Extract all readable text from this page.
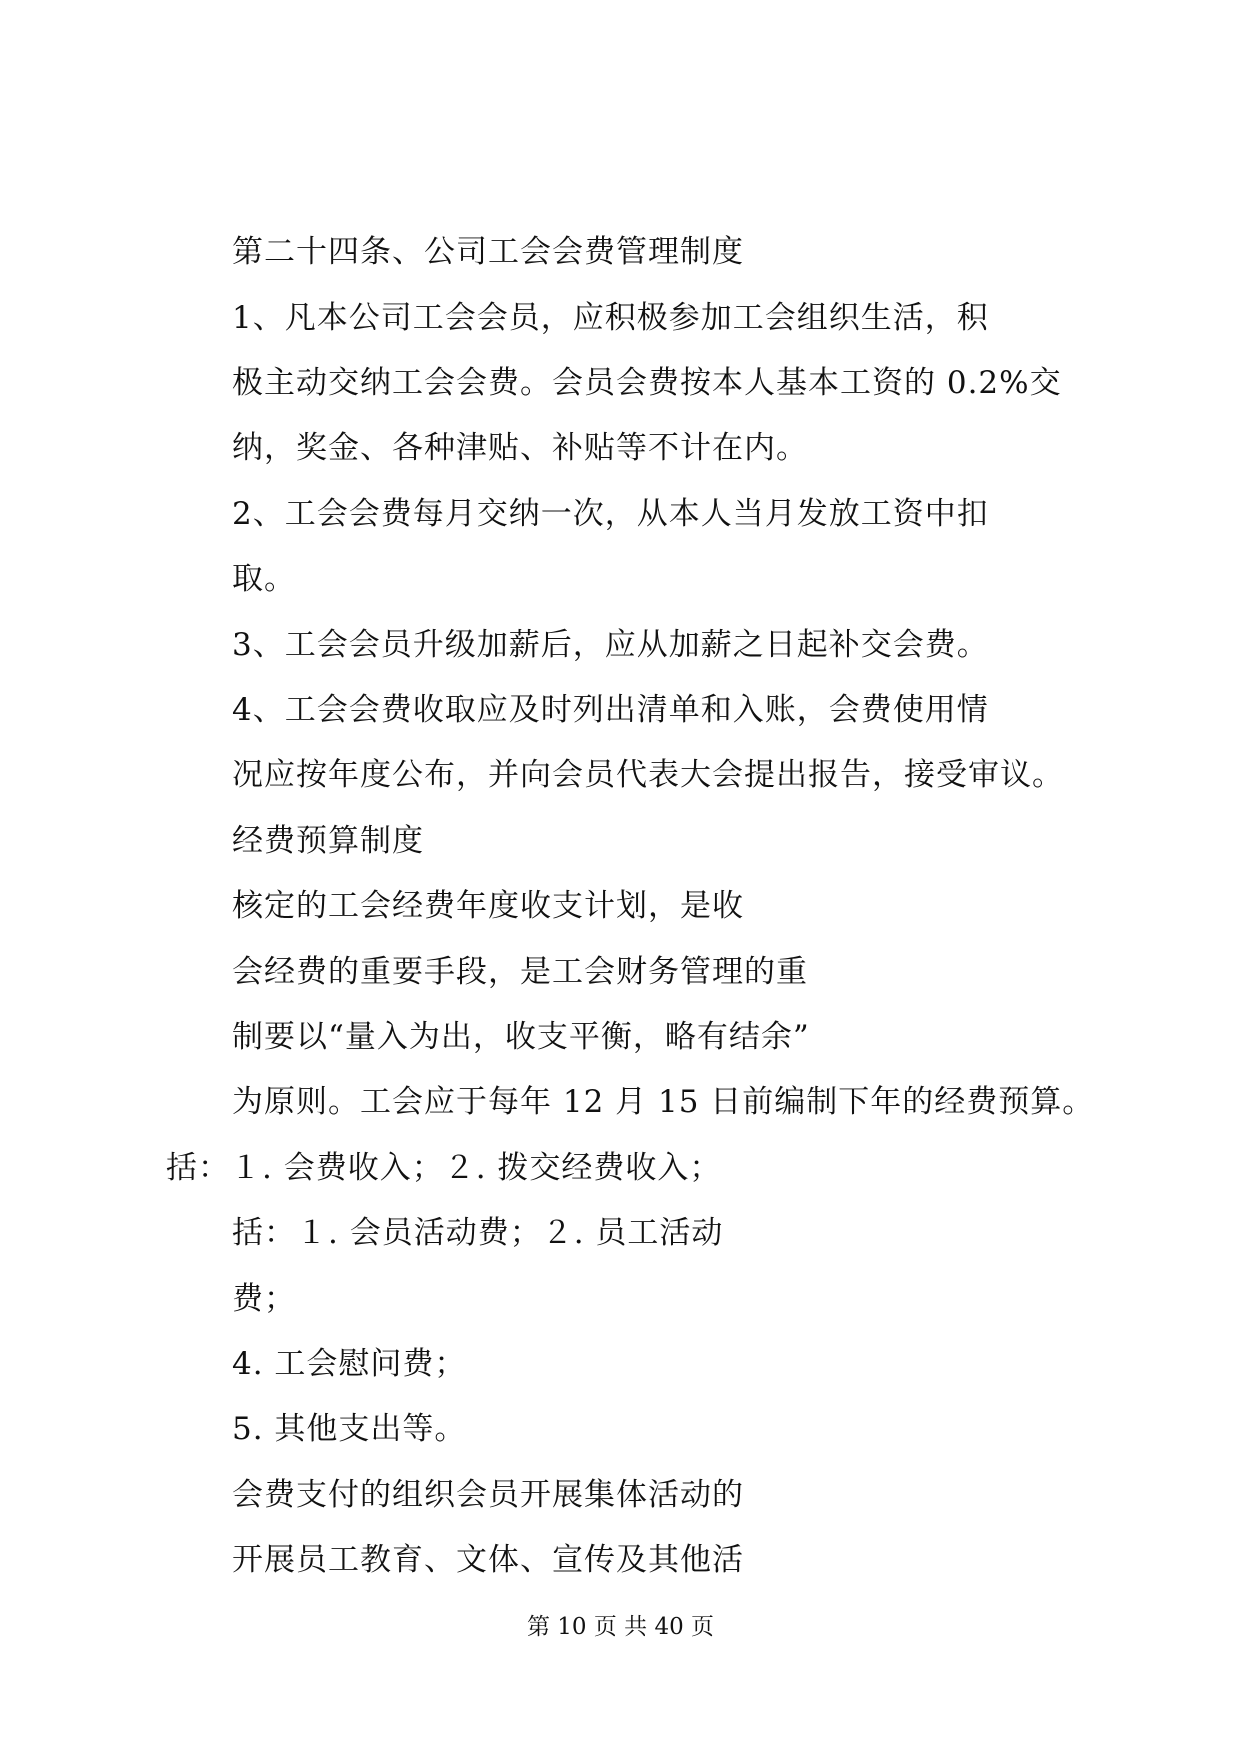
第二十四条、公司工会会费管理制度
1、凡本公司工会会员，应积极参加工会组织生活，积
极主动交纳工会会费。会员会费按本人基本工资的 0.2%交
纳，奖金、各种津贴、补贴等不计在内。
2、工会会费每月交纳一次，从本人当月发放工资中扣
取。
3、工会会员升级加薪后，应从加薪之日起补交会费。
4、工会会费收取应及时列出清单和入账，会费使用情
况应按年度公布，并向会员代表大会提出报告，接受审议。
经费预算制度
核定的工会经费年度收支计划，是收
会经费的重要手段，是工会财务管理的重
制要以“量入为出，收支平衡，略有结余”
为原则。工会应于每年 12 月 15 日前编制下年的经费预算。
括：１. 会费收入；２. 拨交经费收入；
括：１. 会员活动费；２. 员工活动
费；
4. 工会慰问费；
5. 其他支出等。
会费支付的组织会员开展集体活动的
开展员工教育、文体、宣传及其他活
第 10 页 共 40 页
